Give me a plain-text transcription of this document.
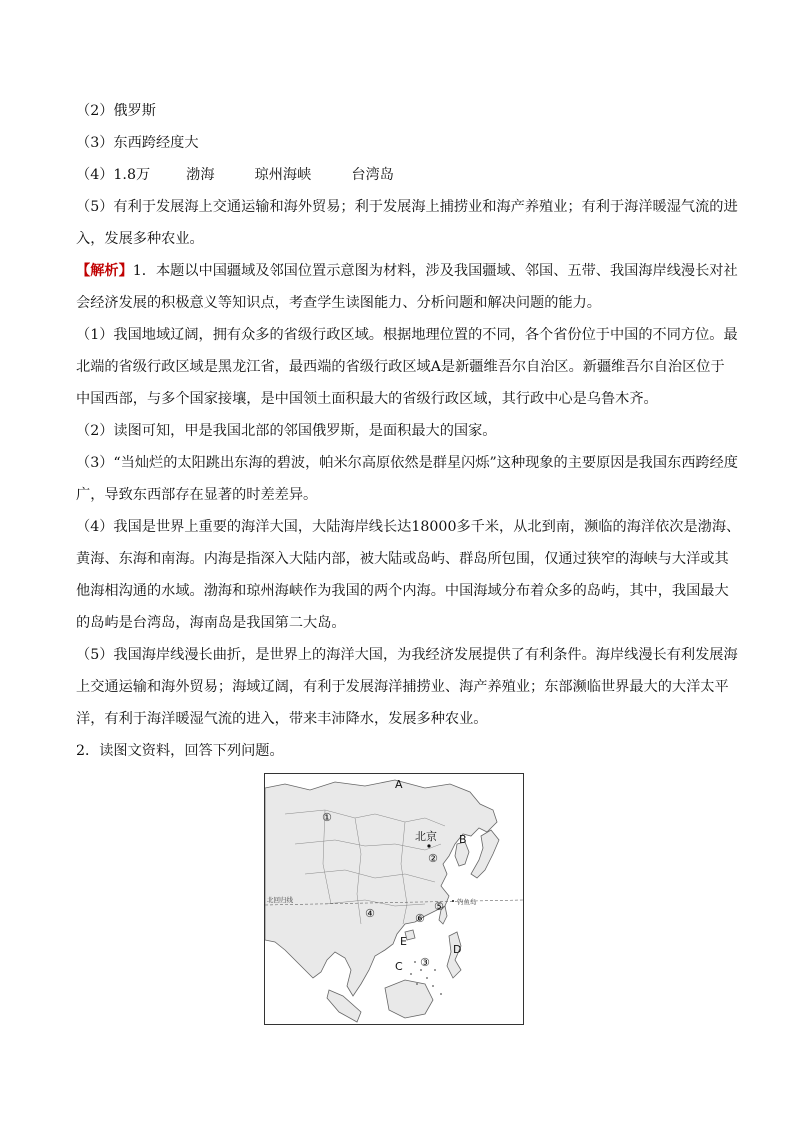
（2）俄罗斯
（3）东西跨经度大
（4）1.8万	渤海	琼州海峡	台湾岛
（5）有利于发展海上交通运输和海外贸易；利于发展海上捕捞业和海产养殖业；有利于海洋暖湿气流的进
入，发展多种农业。
【解析】1．本题以中国疆域及邻国位置示意图为材料，涉及我国疆域、邻国、五带、我国海岸线漫长对社
会经济发展的积极意义等知识点，考查学生读图能力、分析问题和解决问题的能力。
（1）我国地域辽阔，拥有众多的省级行政区域。根据地理位置的不同，各个省份位于中国的不同方位。最
北端的省级行政区域是黑龙江省，最西端的省级行政区域A是新疆维吾尔自治区。新疆维吾尔自治区位于
中国西部，与多个国家接壤，是中国领土面积最大的省级行政区域，其行政中心是乌鲁木齐。
（2）读图可知，甲是我国北部的邻国俄罗斯，是面积最大的国家。
（3）“当灿烂的太阳跳出东海的碧波，帕米尔高原依然是群星闪烁”这种现象的主要原因是我国东西跨经度
广，导致东西部存在显著的时差差异。
（4）我国是世界上重要的海洋大国，大陆海岸线长达18000多千米，从北到南，濒临的海洋依次是渤海、
黄海、东海和南海。内海是指深入大陆内部，被大陆或岛屿、群岛所包围，仅通过狭窄的海峡与大洋或其
他海相沟通的水域。渤海和琼州海峡作为我国的两个内海。中国海域分布着众多的岛屿，其中，我国最大
的岛屿是台湾岛，海南岛是我国第二大岛。
（5）我国海岸线漫长曲折，是世界上的海洋大国，为我经济发展提供了有利条件。海岸线漫长有利发展海
上交通运输和海外贸易；海域辽阔，有利于发展海洋捕捞业、海产养殖业；东部濒临世界最大的大洋太平
洋，有利于海洋暖湿气流的进入，带来丰沛降水，发展多种农业。
2．读图文资料，回答下列问题。
北回归线
北京
钓鱼岛
A
B
C
D
E
①
②
③
④
⑤
⑥
